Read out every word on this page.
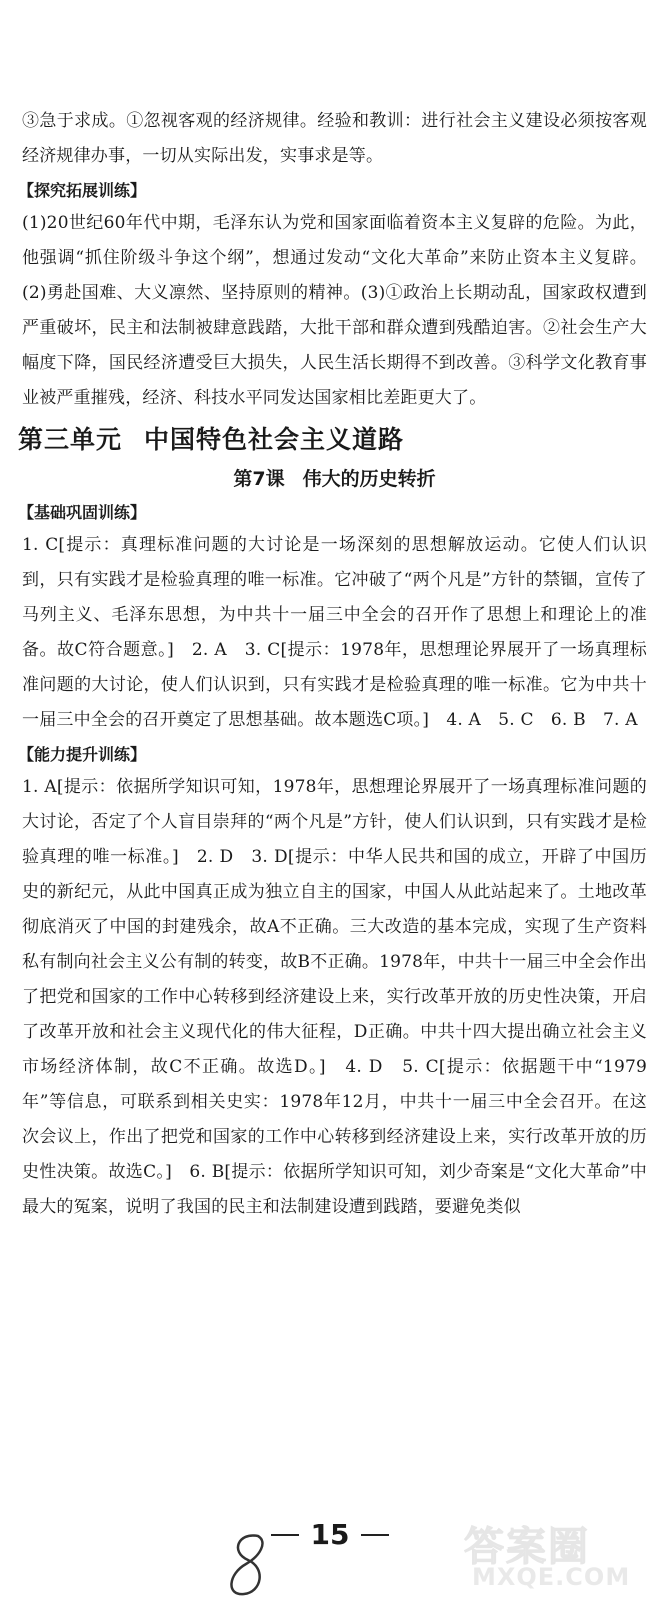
③急于求成。①忽视客观的经济规律。经验和教训：进行社会主义建设必须按客观经济规律办事，一切从实际出发，实事求是等。

【探究拓展训练】

(1)20世纪60年代中期，毛泽东认为党和国家面临着资本主义复辟的危险。为此，他强调“抓住阶级斗争这个纲”，想通过发动“文化大革命”来防止资本主义复辟。(2)勇赴国难、大义凛然、坚持原则的精神。(3)①政治上长期动乱，国家政权遭到严重破坏，民主和法制被肆意践踏，大批干部和群众遭到残酷迫害。②社会生产大幅度下降，国民经济遭受巨大损失，人民生活长期得不到改善。③科学文化教育事业被严重摧残，经济、科技水平同发达国家相比差距更大了。

第三单元 中国特色社会主义道路
第7课 伟大的历史转折
【基础巩固训练】

1. C[提示：真理标准问题的大讨论是一场深刻的思想解放运动。它使人们认识到，只有实践才是检验真理的唯一标准。它冲破了“两个凡是”方针的禁锢，宣传了马列主义、毛泽东思想，为中共十一届三中全会的召开作了思想上和理论上的准备。故C符合题意。]　2. A　3. C[提示：1978年，思想理论界展开了一场真理标准问题的大讨论，使人们认识到，只有实践才是检验真理的唯一标准。它为中共十一届三中全会的召开奠定了思想基础。故本题选C项。]　4. A　5. C　6. B　7. A

【能力提升训练】

1. A[提示：依据所学知识可知，1978年，思想理论界展开了一场真理标准问题的大讨论，否定了个人盲目崇拜的“两个凡是”方针，使人们认识到，只有实践才是检验真理的唯一标准。]　2. D　3. D[提示：中华人民共和国的成立，开辟了中国历史的新纪元，从此中国真正成为独立自主的国家，中国人从此站起来了。土地改革彻底消灭了中国的封建残余，故A不正确。三大改造的基本完成，实现了生产资料私有制向社会主义公有制的转变，故B不正确。1978年，中共十一届三中全会作出了把党和国家的工作中心转移到经济建设上来，实行改革开放的历史性决策，开启了改革开放和社会主义现代化的伟大征程，D正确。中共十四大提出确立社会主义市场经济体制，故C不正确。故选D。]　4. D　5. C[提示：依据题干中“1979年”等信息，可联系到相关史实：1978年12月，中共十一届三中全会召开。在这次会议上，作出了把党和国家的工作中心转移到经济建设上来，实行改革开放的历史性决策。故选C。]　6. B[提示：依据所学知识可知，刘少奇案是“文化大革命”中最大的冤案，说明了我国的民主和法制建设遭到践踏，要避免类似

15	答案圈
MXQE.COM
